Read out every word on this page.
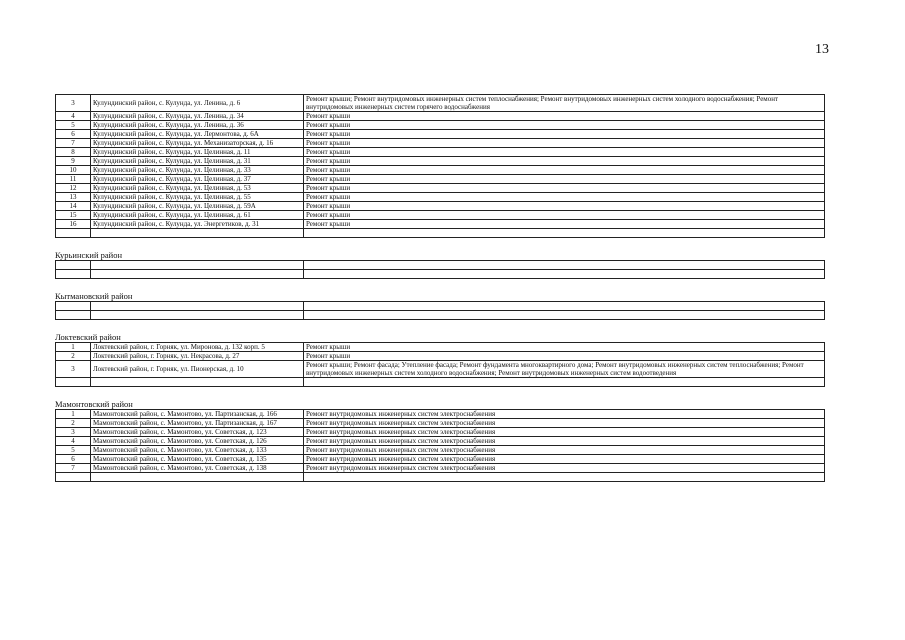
13
3	Кулундинский район, с. Кулунда, ул. Ленина, д. 6	Ремонт крыши; Ремонт внутридомовых инженерных систем теплоснабжения; Ремонт внутридомовых инженерных систем холодного водоснабжения; Ремонт внутридомовых инженерных систем горячего водоснабжения
4	Кулундинский район, с. Кулунда, ул. Ленина, д. 34	Ремонт крыши
5	Кулундинский район, с. Кулунда, ул. Ленина, д. 36	Ремонт крыши
6	Кулундинский район, с. Кулунда, ул. Лермонтова, д. 6А	Ремонт крыши
7	Кулундинский район, с. Кулунда, ул. Механизаторская, д. 16	Ремонт крыши
8	Кулундинский район, с. Кулунда, ул. Целинная, д. 11	Ремонт крыши
9	Кулундинский район, с. Кулунда, ул. Целинная, д. 31	Ремонт крыши
10	Кулундинский район, с. Кулунда, ул. Целинная, д. 33	Ремонт крыши
11	Кулундинский район, с. Кулунда, ул. Целинная, д. 37	Ремонт крыши
12	Кулундинский район, с. Кулунда, ул. Целинная, д. 53	Ремонт крыши
13	Кулундинский район, с. Кулунда, ул. Целинная, д. 55	Ремонт крыши
14	Кулундинский район, с. Кулунда, ул. Целинная, д. 59А	Ремонт крыши
15	Кулундинский район, с. Кулунда, ул. Целинная, д. 61	Ремонт крыши
16	Кулундинский район, с. Кулунда, ул. Энергетиков, д. 31	Ремонт крыши

Курьинский район

Кытмановский район

Локтевский район
1	Локтевский район, г. Горняк, ул. Миронова, д. 132 корп. 5	Ремонт крыши
2	Локтевский район, г. Горняк, ул. Некрасова, д. 27	Ремонт крыши
3	Локтевский район, г. Горняк, ул. Пионерская, д. 10	Ремонт крыши; Ремонт фасада; Утепление фасада; Ремонт фундамента многоквартирного дома; Ремонт внутридомовых инженерных систем теплоснабжения; Ремонт внутридомовых инженерных систем холодного водоснабжения; Ремонт внутридомовых инженерных систем водоотведения

Мамонтовский район
1	Мамонтовский район, с. Мамонтово, ул. Партизанская, д. 166	Ремонт внутридомовых инженерных систем электроснабжения
2	Мамонтовский район, с. Мамонтово, ул. Партизанская, д. 167	Ремонт внутридомовых инженерных систем электроснабжения
3	Мамонтовский район, с. Мамонтово, ул. Советская, д. 123	Ремонт внутридомовых инженерных систем электроснабжения
4	Мамонтовский район, с. Мамонтово, ул. Советская, д. 126	Ремонт внутридомовых инженерных систем электроснабжения
5	Мамонтовский район, с. Мамонтово, ул. Советская, д. 133	Ремонт внутридомовых инженерных систем электроснабжения
6	Мамонтовский район, с. Мамонтово, ул. Советская, д. 135	Ремонт внутридомовых инженерных систем электроснабжения
7	Мамонтовский район, с. Мамонтово, ул. Советская, д. 138	Ремонт внутридомовых инженерных систем электроснабжения
